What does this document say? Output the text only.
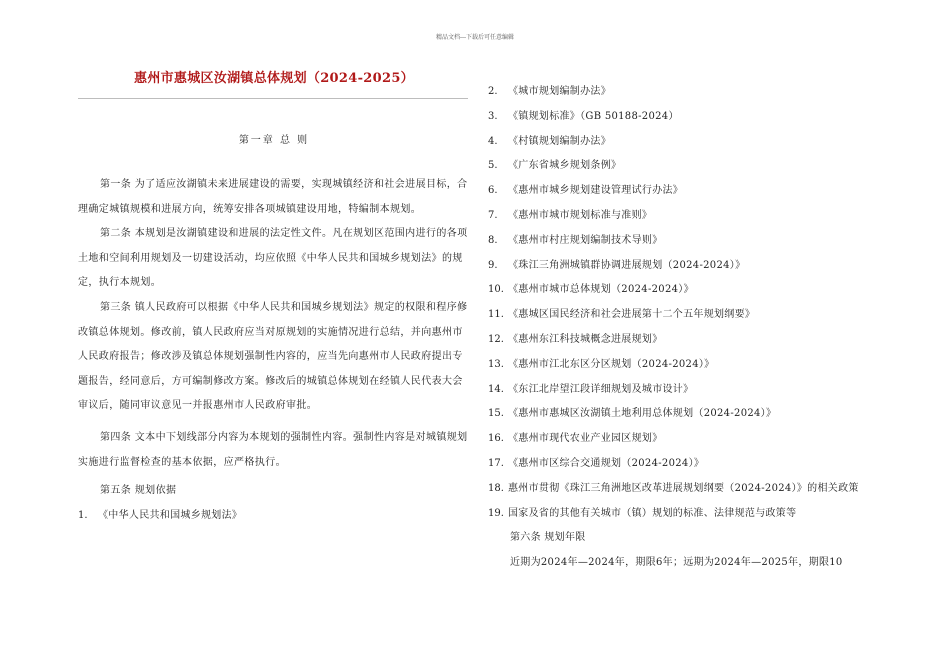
精品文档---下载后可任意编辑
惠州市惠城区汝湖镇总体规划（2024-2025）
第一章 总 则

第一条 为了适应汝湖镇未来进展建设的需要，实现城镇经济和社会进展目标，合理确定城镇规模和进展方向，统筹安排各项城镇建设用地，特编制本规划。

第二条 本规划是汝湖镇建设和进展的法定性文件。凡在规划区范围内进行的各项土地和空间利用规划及一切建设活动，均应依照《中华人民共和国城乡规划法》的规定，执行本规划。

第三条 镇人民政府可以根据《中华人民共和国城乡规划法》规定的权限和程序修改镇总体规划。修改前，镇人民政府应当对原规划的实施情况进行总结，并向惠州市人民政府报告；修改涉及镇总体规划强制性内容的，应当先向惠州市人民政府提出专题报告，经同意后，方可编制修改方案。修改后的城镇总体规划在经镇人民代表大会审议后，随同审议意见一并报惠州市人民政府审批。

第四条 文本中下划线部分内容为本规划的强制性内容。强制性内容是对城镇规划实施进行监督检查的基本依据，应严格执行。

第五条 规划依据

1.	《中华人民共和国城乡规划法》
2.	《城市规划编制办法》
3.	《镇规划标准》（GB 50188-2024）
4.	《村镇规划编制办法》
5.	《广东省城乡规划条例》
6.	《惠州市城乡规划建设管理试行办法》
7.	《惠州市城市规划标准与准则》
8.	《惠州市村庄规划编制技术导则》
9.	《珠江三角洲城镇群协调进展规划（2024-2024）》
10. 《惠州市城市总体规划（2024-2024）》
11. 《惠城区国民经济和社会进展第十二个五年规划纲要》
12. 《惠州东江科技城概念进展规划》
13. 《惠州市江北东区分区规划（2024-2024）》
14. 《东江北岸望江段详细规划及城市设计》
15. 《惠州市惠城区汝湖镇土地利用总体规划（2024-2024）》
16. 《惠州市现代农业产业园区规划》
17. 《惠州市区综合交通规划（2024-2024）》
18. 惠州市贯彻《珠江三角洲地区改革进展规划纲要（2024-2024）》的相关政策
19. 国家及省的其他有关城市（镇）规划的标准、法律规范与政策等

第六条 规划年限

近期为2024年—2024年，期限6年；远期为2024年—2025年，期限10
